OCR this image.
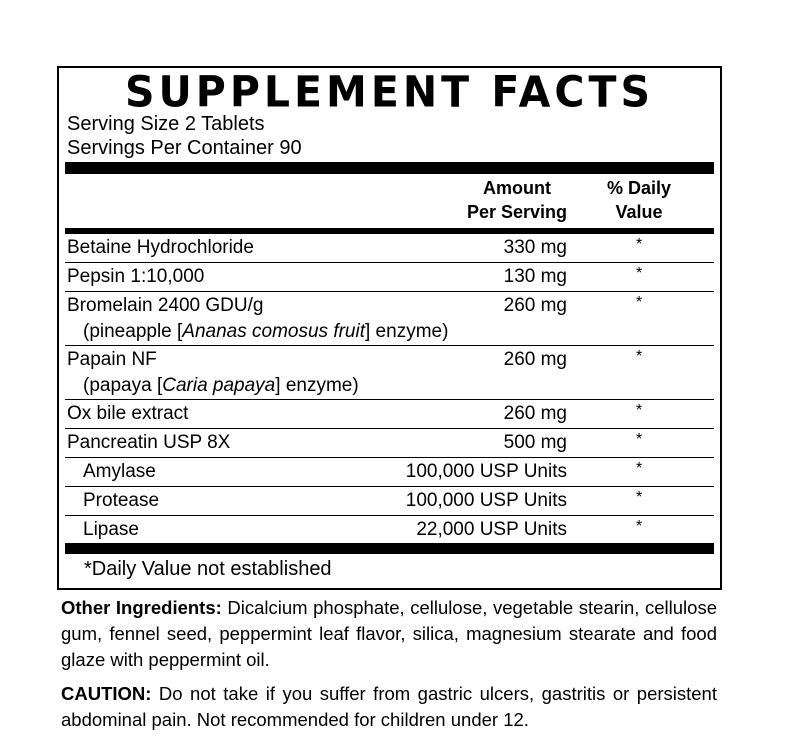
SUPPLEMENT FACTS
Serving Size 2 Tablets
Servings Per Container 90
Amount
Per Serving
% Daily
Value
Betaine Hydrochloride	330 mg	*
Pepsin 1:10,000	130 mg	*
Bromelain 2400 GDU/g	260 mg	*
(pineapple [Ananas comosus fruit] enzyme)
Papain NF	260 mg	*
(papaya [Caria papaya] enzyme)
Ox bile extract	260 mg	*
Pancreatin USP 8X	500 mg	*
Amylase	100,000 USP Units	*
Protease	100,000 USP Units	*
Lipase	22,000 USP Units	*
*Daily Value not established
Other Ingredients: Dicalcium phosphate, cellulose, vegetable stearin, cellulose gum, fennel seed, peppermint leaf flavor, silica, magnesium stearate and food glaze with peppermint oil.
CAUTION: Do not take if you suffer from gastric ulcers, gastritis or persistent abdominal pain. Not recommended for children under 12.
